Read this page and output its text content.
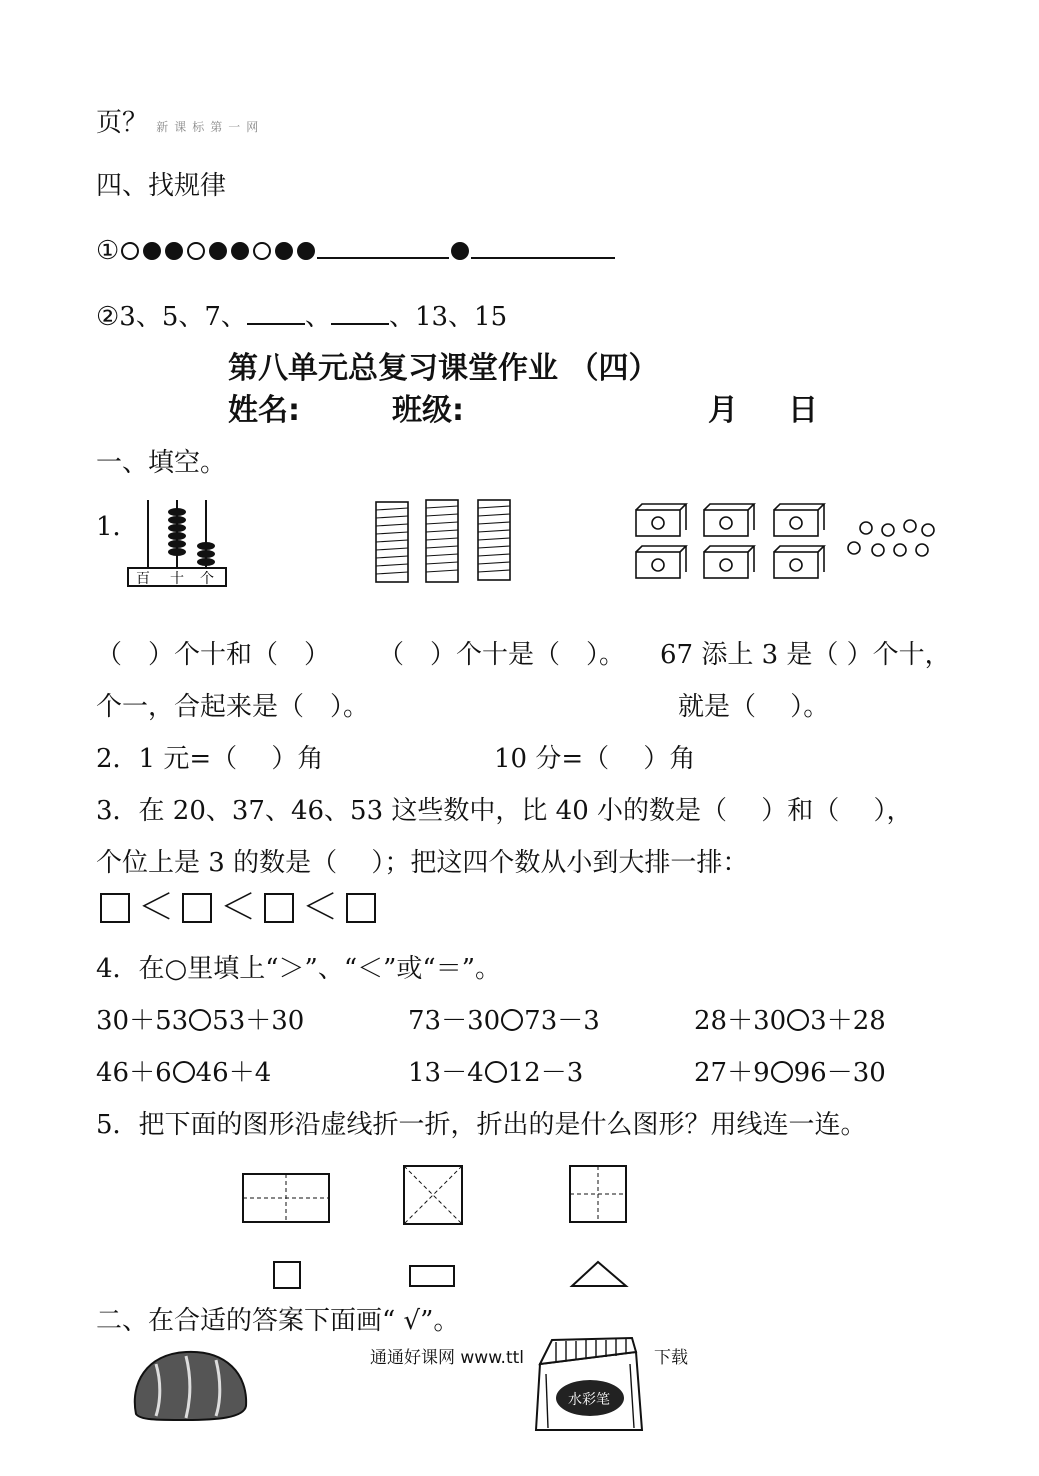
页？ 新课标第一网
四、找规律
①
②3、5、7、 、 、13、15
第八单元总复习课堂作业 （四）
姓名:	班级:	月 日
一、填空。
1．
百 十 个
（　）个十和（　） （　）个十是（　）。 67 添上 3 是（ ）个十，
个一，合起来是（　）。	就是（　 ）。
2．1 元=（　 ）角	10 分=（　 ）角
3．在 20、37、46、53 这些数中，比 40 小的数是（　 ）和（　 ），
个位上是 3 的数是（　 ）；把这四个数从小到大排一排：
＜ ＜ ＜
4．在○里填上“＞”、“＜”或“＝”。
30＋53 53＋30	73－30 73－3	28＋30 3＋28
46＋6 46＋4	13－4 12－3	27＋9 96－30
5．把下面的图形沿虚线折一折，折出的是什么图形？用线连一连。
二、在合适的答案下面画“ √”。
通通好课网 www.ttl
水彩笔
下载
